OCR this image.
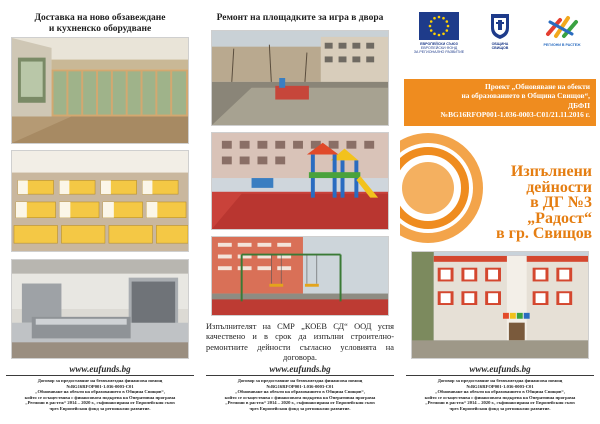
Доставка на ново обзавеждане
и кухненско оборудване
www.eufunds.bg
Договор за предоставяне на безвъзмездна финансова помощ
№BG16RFOP001-1.036-0003-C01
„Обновяване на обекти на образованието в Община Свищов“,
който се осъществява с финансовата подкрепа на Оперативна програма
„Региони в растеж“ 2014 – 2020 г., съфинансирана от Европейския съюз
чрез Европейския фонд за регионално развитие.
Ремонт на площадките за игра в двора
Изпълнителят на СМР „КОЕВ СД“ ООД успя качествено и в срок да изпълни строително-ремонтните дейности съгласно условията на договора.
www.eufunds.bg
Договор за предоставяне на безвъзмездна финансова помощ
№BG16RFOP001-1.036-0003-C01
„Обновяване на обекти на образованието в Община Свищов“,
който се осъществява с финансовата подкрепа на Оперативна програма
„Региони в растеж“ 2014 – 2020 г., съфинансирана от Европейския съюз
чрез Европейския фонд за регионално развитие.
ЕВРОПЕЙСКИ СЪЮЗ
ЕВРОПЕЙСКИ ФОНД
ЗА РЕГИОНАЛНО РАЗВИТИЕ
ОБЩИНА
СВИЩОВ
РЕГИОНИ В РАСТЕЖ
Проект „Обновяване на обекти
на образованието в Община Свищов“,
ДБФП
№BG16RFOP001-1.036-0003-C01/21.11.2016 г.
Изпълнени
дейности
в ДГ №3
„Радост“
в гр. Свищов
www.eufunds.bg
Договор за предоставяне на безвъзмездна финансова помощ
№BG16RFOP001-1.036-0003-C01
„Обновяване на обекти на образованието в Община Свищов“,
който се осъществява с финансовата подкрепа на Оперативна програма
„Региони в растеж“ 2014 – 2020 г., съфинансирана от Европейския съюз
чрез Европейския фонд за регионално развитие.
